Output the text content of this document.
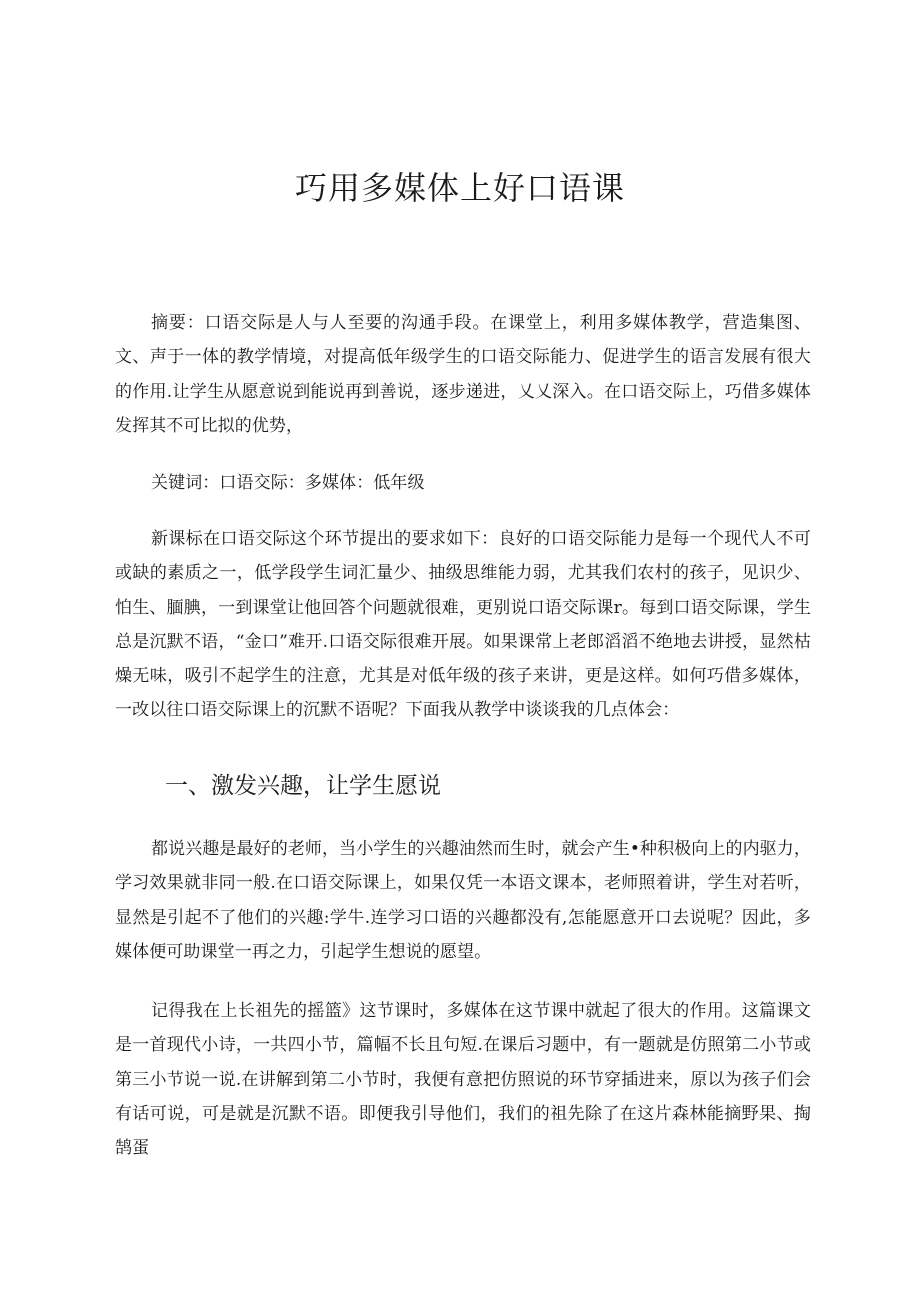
巧用多媒体上好口语课

摘要：口语交际是人与人至要的沟通手段。在课堂上，利用多媒体教学，营造集图、文、声于一体的教学情境，对提高低年级学生的口语交际能力、促进学生的语言发展有很大的作用.让学生从愿意说到能说再到善说，逐步递进，乂乂深入。在口语交际上，巧借多媒体发挥其不可比拟的优势，

关键词：口语交际：多媒体：低年级

新课标在口语交际这个环节提出的要求如下：良好的口语交际能力是每一个现代人不可或缺的素质之一，低学段学生词汇量少、抽级思维能力弱，尤其我们农村的孩子，见识少、怕生、腼腆，一到课堂让他回答个问题就很难，更别说口语交际课r。每到口语交际课，学生总是沉默不语，“金口”难开.口语交际很难开展。如果课常上老郎滔滔不绝地去讲授，显然枯燥无味，吸引不起学生的注意，尤其是对低年级的孩子来讲，更是这样。如何巧借多媒体，一改以往口语交际课上的沉默不语呢？下面我从教学中谈谈我的几点体会：

一、激发兴趣，让学生愿说

都说兴趣是最好的老师，当小学生的兴趣油然而生时，就会产生•种积极向上的内驱力，学习效果就非同一般.在口语交际课上，如果仅凭一本语文课本，老师照着讲，学生对若听，显然是引起不了他们的兴趣:学牛.连学习口语的兴趣都没有,怎能愿意开口去说呢？因此，多媒体便可助课堂一再之力，引起学生想说的愿望。

记得我在上长祖先的摇篮》这节课时，多媒体在这节课中就起了很大的作用。这篇课文是一首现代小诗，一共四小节，篇幅不长且句短.在课后习题中，有一题就是仿照第二小节或第三小节说一说.在讲解到第二小节时，我便有意把仿照说的环节穿插进来，原以为孩子们会有话可说，可是就是沉默不语。即便我引导他们，我们的祖先除了在这片森林能摘野果、掏鹄蛋
